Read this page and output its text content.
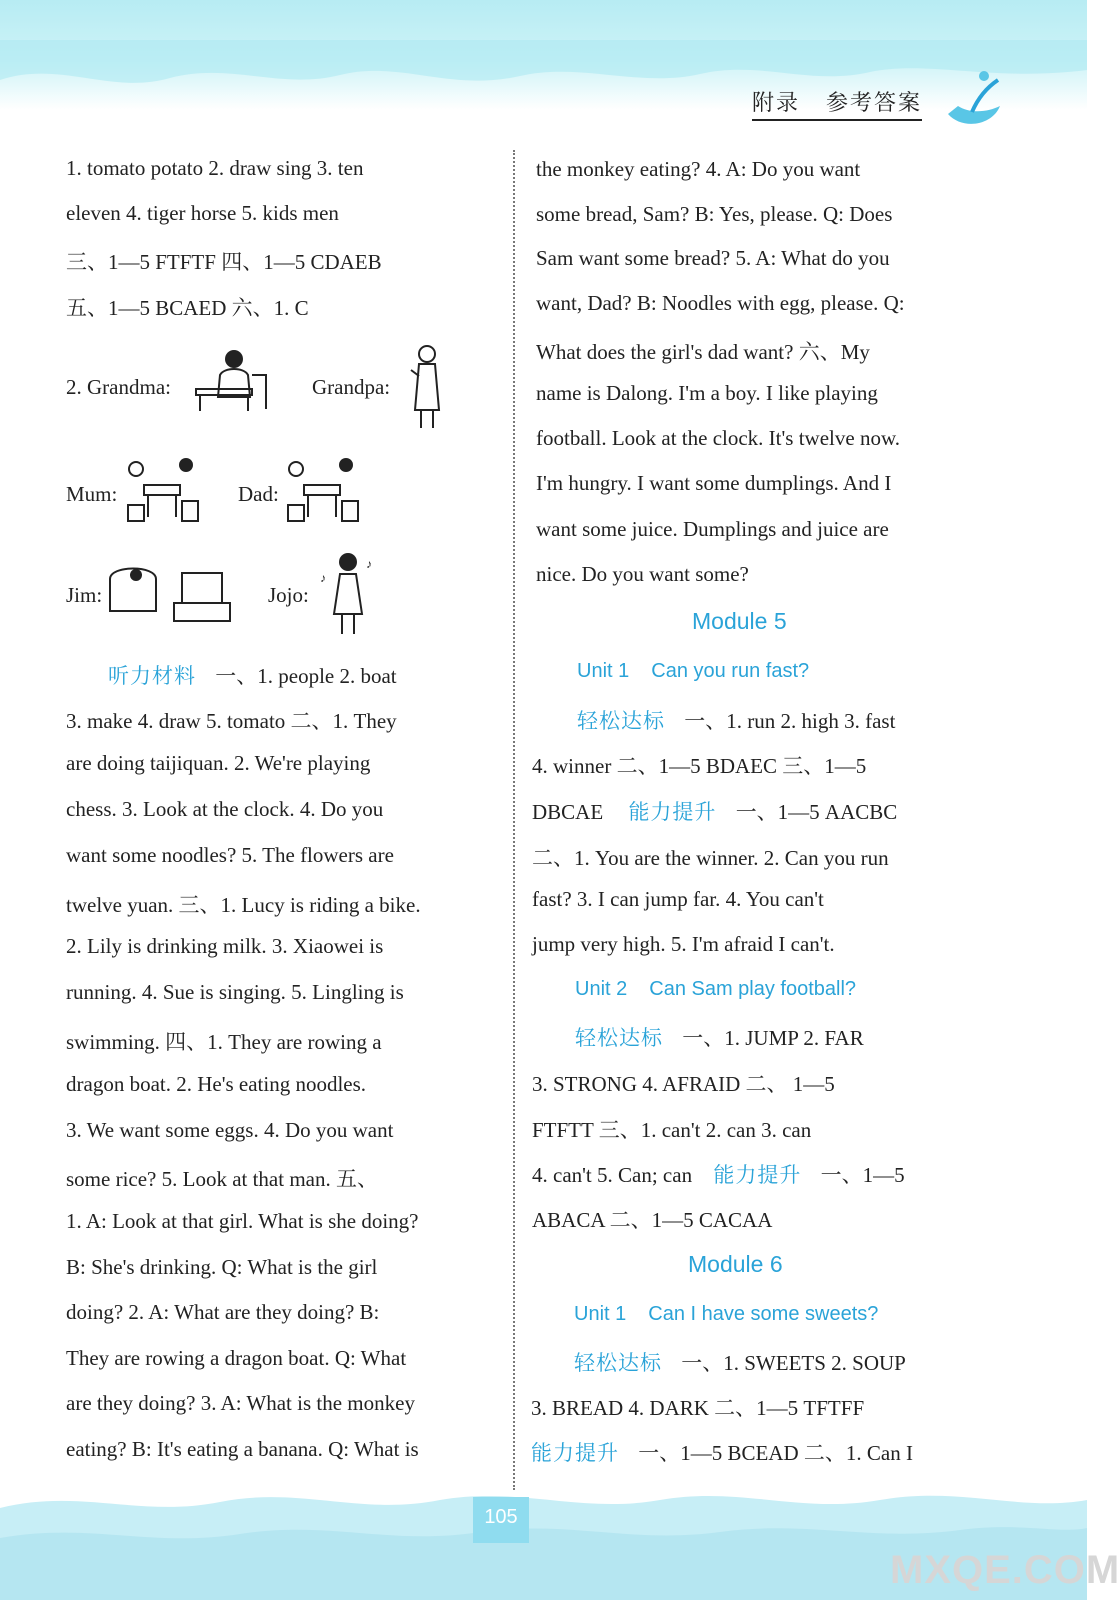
附录 参考答案
1. tomato potato 2. draw sing 3. ten
eleven 4. tiger horse 5. kids men
三、1—5 FTFTF 四、1—5 CDAEB
五、1—5 BCAED 六、1. C
2. Grandma:	Grandpa:
Mum:	Dad:
Jim:	Jojo:
♪
♪
听力材料 一、1. people 2. boat
3. make 4. draw 5. tomato 二、1. They
are doing taijiquan. 2. We're playing
chess. 3. Look at the clock. 4. Do you
want some noodles? 5. The flowers are
twelve yuan. 三、1. Lucy is riding a bike.
2. Lily is drinking milk. 3. Xiaowei is
running. 4. Sue is singing. 5. Lingling is
swimming. 四、1. They are rowing a
dragon boat. 2. He's eating noodles.
3. We want some eggs. 4. Do you want
some rice? 5. Look at that man. 五、
1. A: Look at that girl. What is she doing?
B: She's drinking. Q: What is the girl
doing? 2. A: What are they doing? B:
They are rowing a dragon boat. Q: What
are they doing? 3. A: What is the monkey
eating? B: It's eating a banana. Q: What is
the monkey eating? 4. A: Do you want
some bread, Sam? B: Yes, please. Q: Does
Sam want some bread? 5. A: What do you
want, Dad? B: Noodles with egg, please. Q:
What does the girl's dad want? 六、My
name is Dalong. I'm a boy. I like playing
football. Look at the clock. It's twelve now.
I'm hungry. I want some dumplings. And I
want some juice. Dumplings and juice are
nice. Do you want some?
Module 5
Unit 1 Can you run fast?
轻松达标 一、1. run 2. high 3. fast
4. winner 二、1—5 BDAEC 三、1—5
DBCAE 能力提升 一、1—5 AACBC
二、1. You are the winner. 2. Can you run
fast? 3. I can jump far. 4. You can't
jump very high. 5. I'm afraid I can't.
Unit 2 Can Sam play football?
轻松达标 一、1. JUMP 2. FAR
3. STRONG 4. AFRAID 二、 1—5
FTFTT 三、1. can't 2. can 3. can
4. can't 5. Can; can 能力提升 一、1—5
ABACA 二、1—5 CACAA
Module 6
Unit 1 Can I have some sweets?
轻松达标 一、1. SWEETS 2. SOUP
3. BREAD 4. DARK 二、1—5 TFTFF
能力提升 一、1—5 BCEAD 二、1. Can I
105
MXQE.COM
